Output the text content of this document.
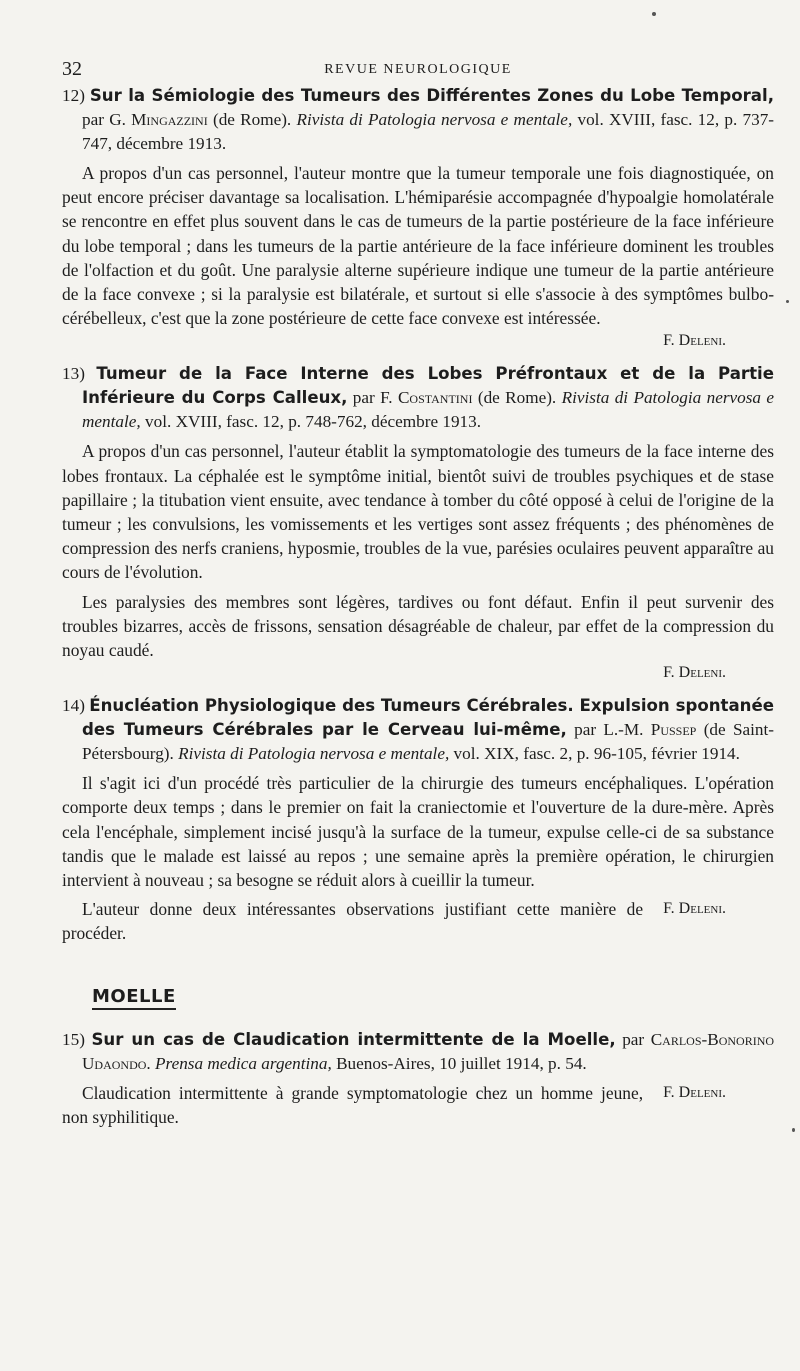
32	REVUE NEUROLOGIQUE
12) Sur la Sémiologie des Tumeurs des Différentes Zones du Lobe Temporal, par G. Mingazzini (de Rome). Rivista di Patologia nervosa e mentale, vol. XVIII, fasc. 12, p. 737-747, décembre 1913.

A propos d'un cas personnel, l'auteur montre que la tumeur temporale une fois diagnostiquée, on peut encore préciser davantage sa localisation. L'hémiparésie accompagnée d'hypoalgie homolatérale se rencontre en effet plus souvent dans le cas de tumeurs de la partie postérieure de la face inférieure du lobe temporal ; dans les tumeurs de la partie antérieure de la face inférieure dominent les troubles de l'olfaction et du goût. Une paralysie alterne supérieure indique une tumeur de la partie antérieure de la face convexe ; si la paralysie est bilatérale, et surtout si elle s'associe à des symptômes bulbo-cérébelleux, c'est que la zone postérieure de cette face convexe est intéressée.

F. Deleni.
13) Tumeur de la Face Interne des Lobes Préfrontaux et de la Partie Inférieure du Corps Calleux, par F. Costantini (de Rome). Rivista di Patologia nervosa e mentale, vol. XVIII, fasc. 12, p. 748-762, décembre 1913.

A propos d'un cas personnel, l'auteur établit la symptomatologie des tumeurs de la face interne des lobes frontaux. La céphalée est le symptôme initial, bientôt suivi de troubles psychiques et de stase papillaire ; la titubation vient ensuite, avec tendance à tomber du côté opposé à celui de l'origine de la tumeur ; les convulsions, les vomissements et les vertiges sont assez fréquents ; des phénomènes de compression des nerfs craniens, hyposmie, troubles de la vue, parésies oculaires peuvent apparaître au cours de l'évolution.

Les paralysies des membres sont légères, tardives ou font défaut. Enfin il peut survenir des troubles bizarres, accès de frissons, sensation désagréable de chaleur, par effet de la compression du noyau caudé.

F. Deleni.
14) Énucléation Physiologique des Tumeurs Cérébrales. Expulsion spontanée des Tumeurs Cérébrales par le Cerveau lui-même, par L.-M. Pussep (de Saint-Pétersbourg). Rivista di Patologia nervosa e mentale, vol. XIX, fasc. 2, p. 96-105, février 1914.

Il s'agit ici d'un procédé très particulier de la chirurgie des tumeurs encéphaliques. L'opération comporte deux temps ; dans le premier on fait la craniectomie et l'ouverture de la dure-mère. Après cela l'encéphale, simplement incisé jusqu'à la surface de la tumeur, expulse celle-ci de sa substance tandis que le malade est laissé au repos ; une semaine après la première opération, le chirurgien intervient à nouveau ; sa besogne se réduit alors à cueillir la tumeur.

F. Deleni.
L'auteur donne deux intéressantes observations justifiant cette manière de procéder.

MOELLE
15) Sur un cas de Claudication intermittente de la Moelle, par Carlos-Bonorino Udaondo. Prensa medica argentina, Buenos-Aires, 10 juillet 1914, p. 54.

F. Deleni.
Claudication intermittente à grande symptomatologie chez un homme jeune, non syphilitique.
